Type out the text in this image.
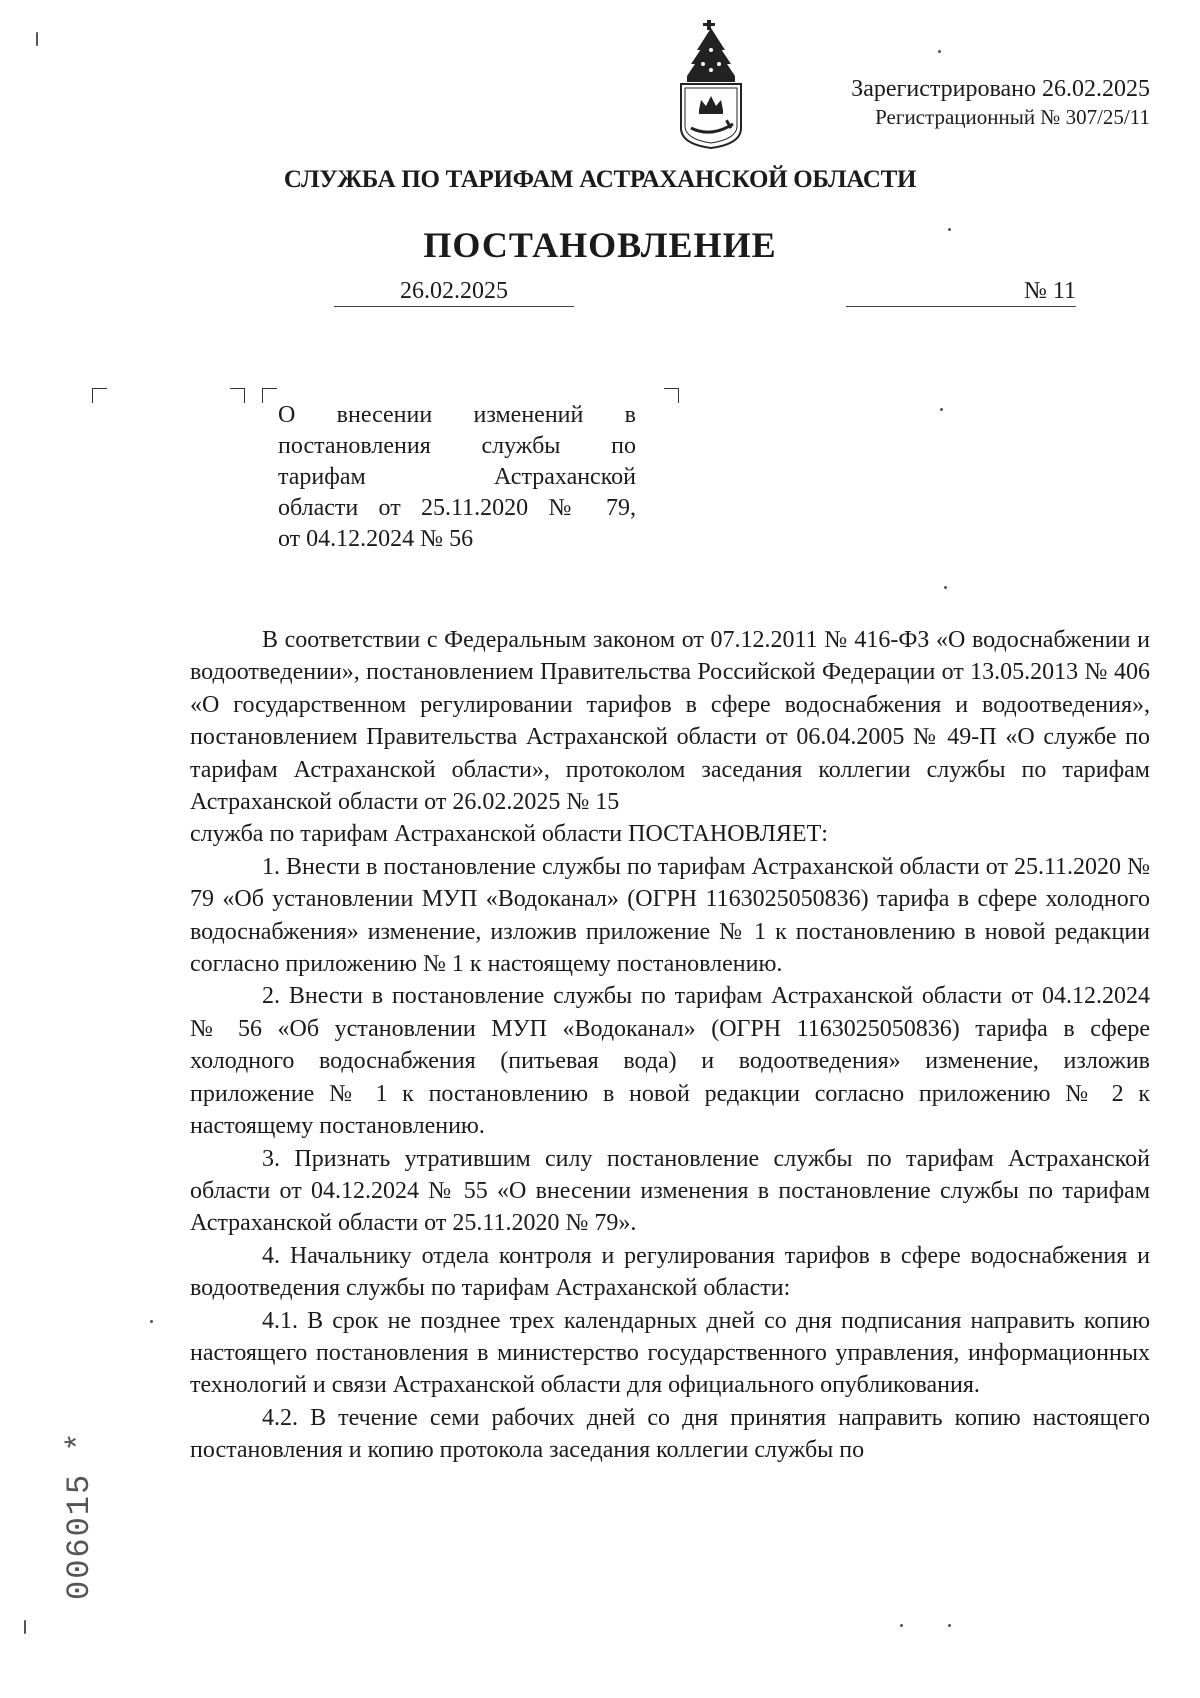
Зарегистрировано 26.02.2025
Регистрационный № 307/25/11
СЛУЖБА ПО ТАРИФАМ АСТРАХАНСКОЙ ОБЛАСТИ
ПОСТАНОВЛЕНИЕ
26.02.2025	№ 11
О внесении изменений в
постановления службы по
тарифам Астраханской
области от 25.11.2020 № 79,
от 04.12.2024 № 56

В соответствии с Федеральным законом от 07.12.2011 № 416-ФЗ «О водоснабжении и водоотведении», постановлением Правительства Российской Федерации от 13.05.2013 № 406 «О государственном регулировании тарифов в сфере водоснабжения и водоотведения», постановлением Правительства Астраханской области от 06.04.2005 № 49-П «О службе по тарифам Астраханской области», протоколом заседания коллегии службы по тарифам Астраханской области от 26.02.2025 № 15

служба по тарифам Астраханской области ПОСТАНОВЛЯЕТ:

1. Внести в постановление службы по тарифам Астраханской области от 25.11.2020 № 79 «Об установлении МУП «Водоканал» (ОГРН 1163025050836) тарифа в сфере холодного водоснабжения» изменение, изложив приложение № 1 к постановлению в новой редакции согласно приложению № 1 к настоящему постановлению.

2. Внести в постановление службы по тарифам Астраханской области от 04.12.2024 № 56 «Об установлении МУП «Водоканал» (ОГРН 1163025050836) тарифа в сфере холодного водоснабжения (питьевая вода) и водоотведения» изменение, изложив приложение № 1 к постановлению в новой редакции согласно приложению № 2 к настоящему постановлению.

3. Признать утратившим силу постановление службы по тарифам Астраханской области от 04.12.2024 № 55 «О внесении изменения в постановление службы по тарифам Астраханской области от 25.11.2020 № 79».

4. Начальнику отдела контроля и регулирования тарифов в сфере водоснабжения и водоотведения службы по тарифам Астраханской области:

4.1. В срок не позднее трех календарных дней со дня подписания направить копию настоящего постановления в министерство государственного управления, информационных технологий и связи Астраханской области для официального опубликования.

4.2. В течение семи рабочих дней со дня принятия направить копию настоящего постановления и копию протокола заседания коллегии службы по

006015 *
